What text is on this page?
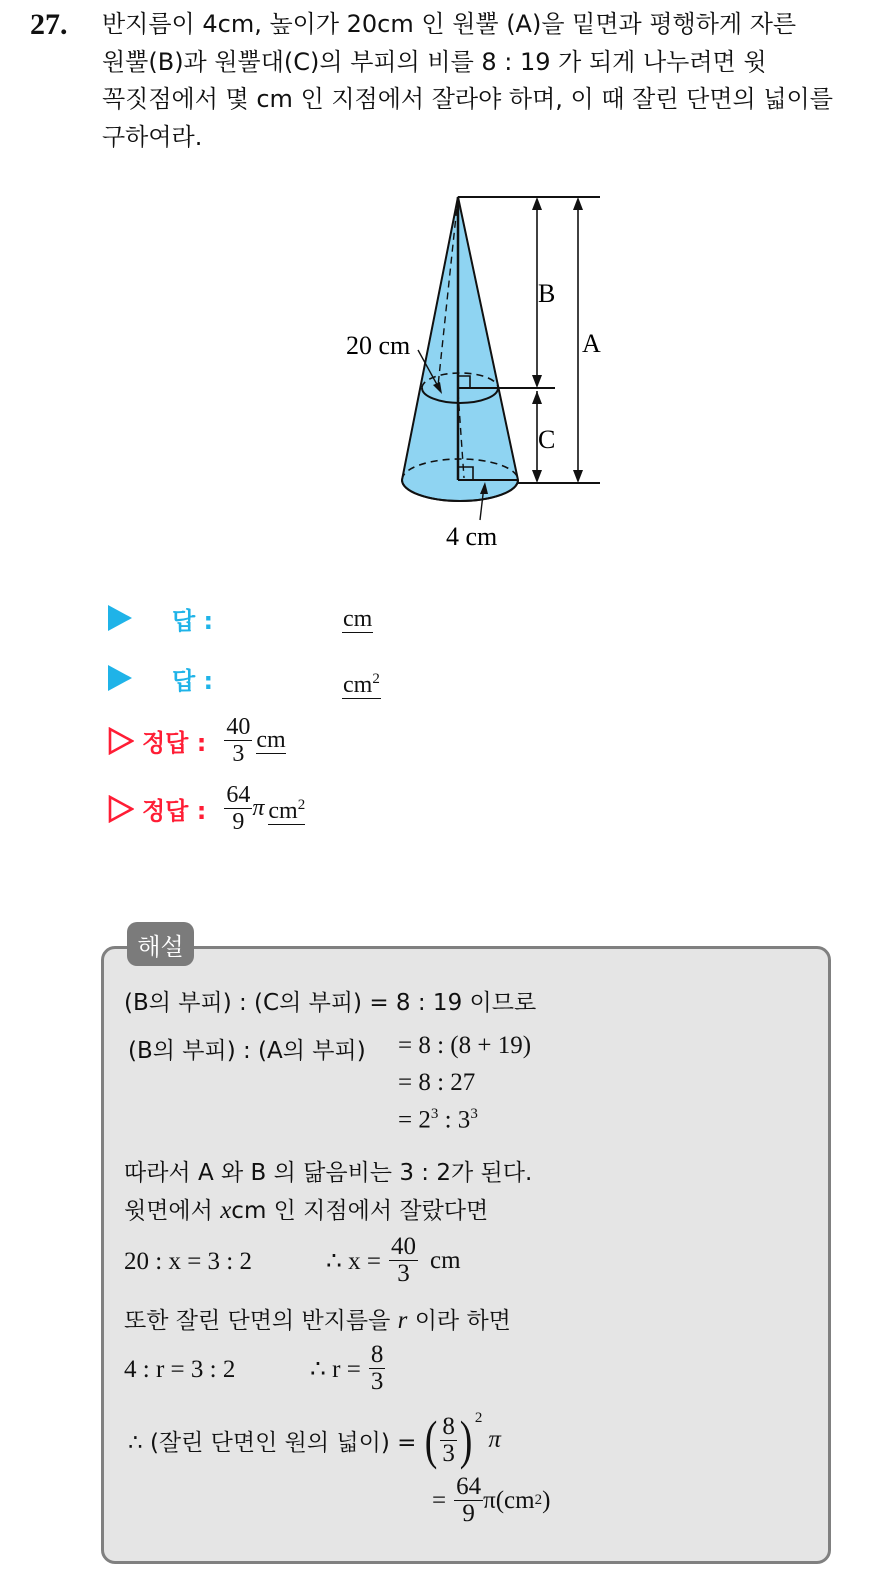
27. 반지름이 4cm, 높이가 20cm 인 원뿔 (A)을 밑면과 평행하게 자른
원뿔(B)과 원뿔대(C)의 부피의 비를 8 : 19 가 되게 나누려면 윗
꼭짓점에서 몇 cm 인 지점에서 잘라야 하며, 이 때 잘린 단면의 넓이를
구하여라.
20 cm
4 cm
B
C
A
답 :	cm
답 :	$cm^2$
정답 : $\frac{40}{3}$ cm
정답 : $\frac{64}{9}$ π $cm^2$
해설
(B의 부피) : (C의 부피) = 8 : 19 이므로
(B의 부피) : (A의 부피) = 8 : (8 + 19)
= 8 : 27
= $2^3$ : $3^3$
따라서 A 와 B 의 닮음비는 3 : 2가 된다.
윗면에서 xcm 인 지점에서 잘랐다면
20 : x = 3 : 2	∴ $x = \frac{40}{3}$ cm
또한 잘린 단면의 반지름을 r 이라 하면
4 : r = 3 : 2	∴ $r = \frac{8}{3}$
∴ (잘린 단면인 원의 넓이) = ( $\frac{8}{3} )^2$
π
= $\frac{64}{9} \pi(cm$ 2 )
